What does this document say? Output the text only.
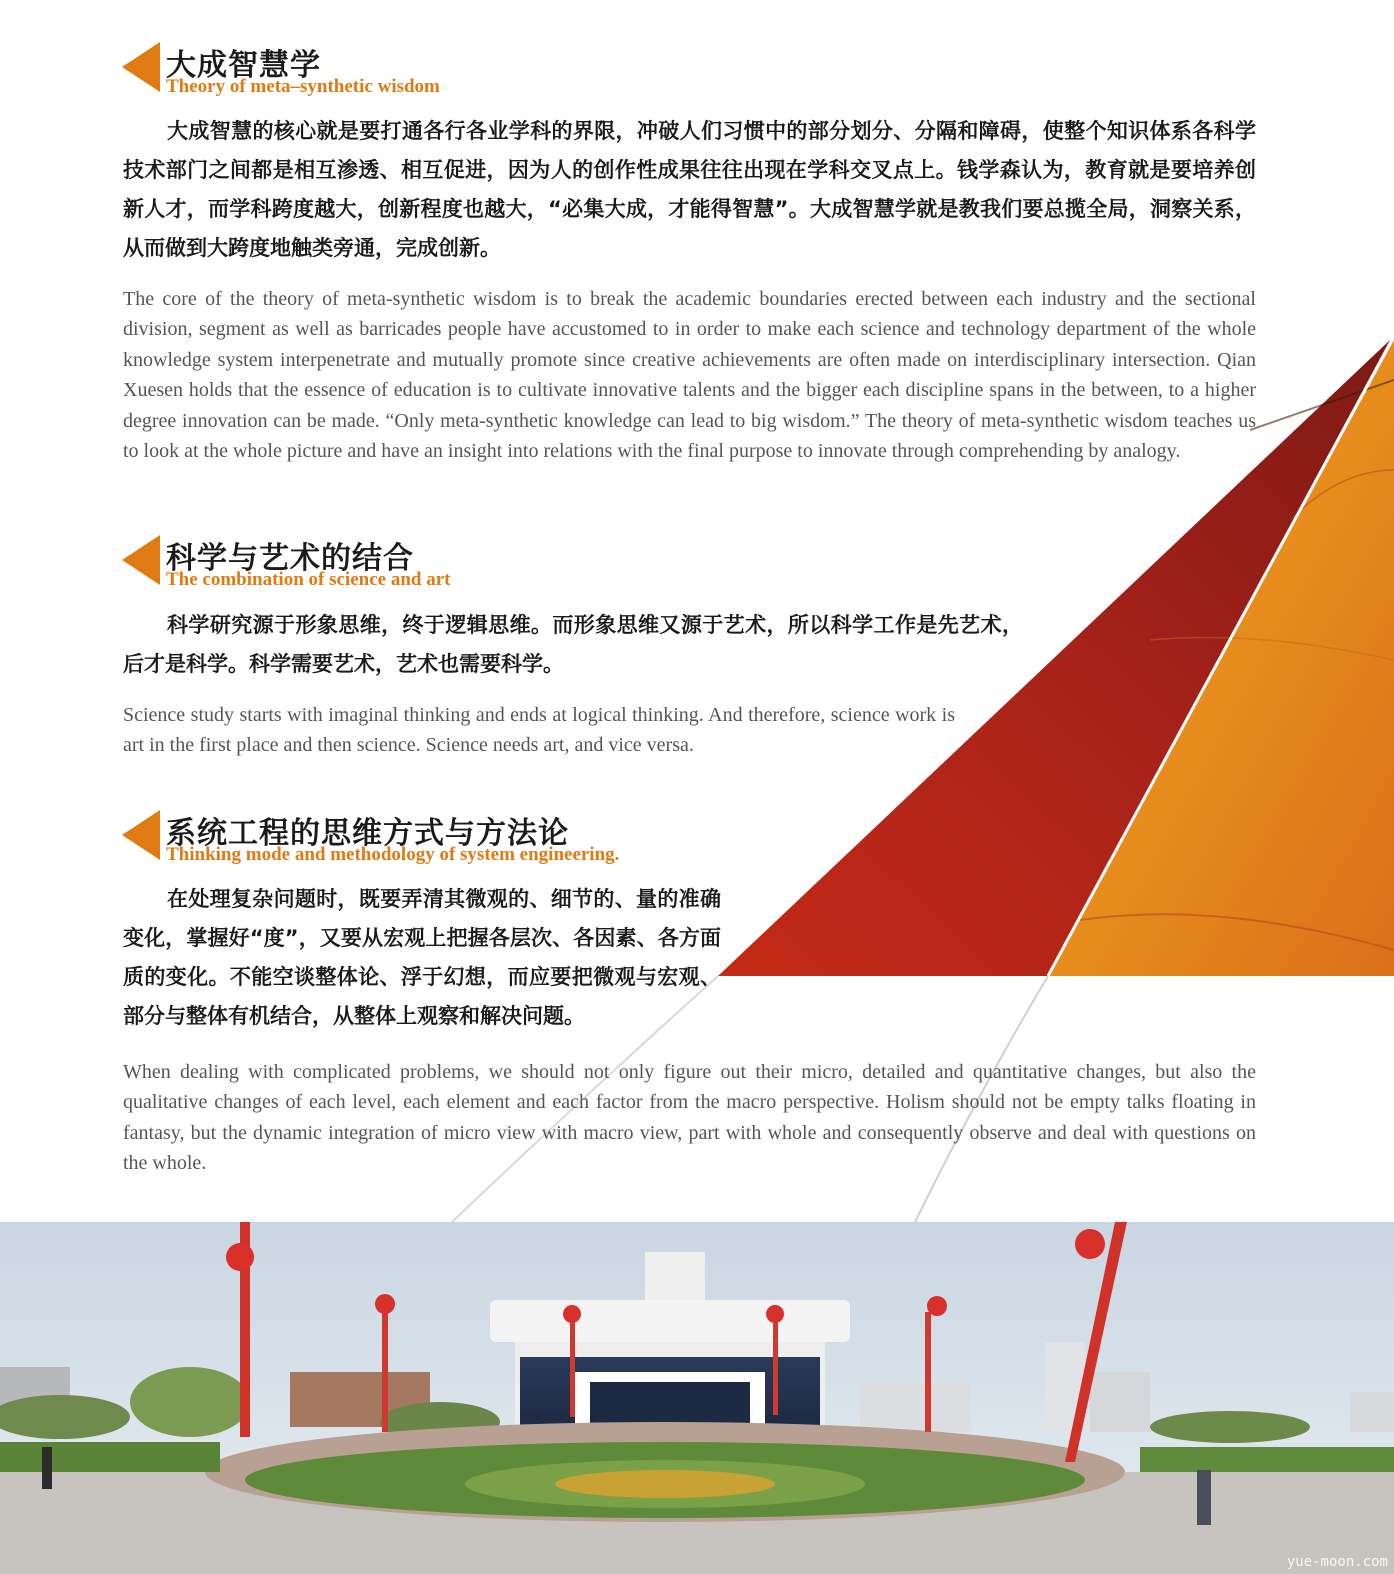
大成智慧学
Theory of meta–synthetic wisdom

大成智慧的核心就是要打通各行各业学科的界限，冲破人们习惯中的部分划分、分隔和障碍，使整个知识体系各科学技术部门之间都是相互渗透、相互促进，因为人的创作性成果往往出现在学科交叉点上。钱学森认为，教育就是要培养创新人才，而学科跨度越大，创新程度也越大，“必集大成，才能得智慧”。大成智慧学就是教我们要总揽全局，洞察关系，从而做到大跨度地触类旁通，完成创新。

The core of the theory of meta-synthetic wisdom is to break the academic boundaries erected between each industry and the sectional division, segment as well as barricades people have accustomed to in order to make each science and technology department of the whole knowledge system interpenetrate and mutually promote since creative achievements are often made on interdisciplinary intersection. Qian Xuesen holds that the essence of education is to cultivate innovative talents and the bigger each discipline spans in the between, to a higher degree innovation can be made. “Only meta-synthetic knowledge can lead to big wisdom.” The theory of meta-synthetic wisdom teaches us to look at the whole picture and have an insight into relations with the final purpose to innovate through comprehending by analogy.

科学与艺术的结合
The combination of science and art

科学研究源于形象思维，终于逻辑思维。而形象思维又源于艺术，所以科学工作是先艺术，后才是科学。科学需要艺术，艺术也需要科学。

Science study starts with imaginal thinking and ends at logical thinking. And therefore, science work is art in the first place and then science. Science needs art, and vice versa.

系统工程的思维方式与方法论
Thinking mode and methodology of system engineering.

在处理复杂问题时，既要弄清其微观的、细节的、量的准确变化，掌握好“度”，又要从宏观上把握各层次、各因素、各方面质的变化。不能空谈整体论、浮于幻想，而应要把微观与宏观、部分与整体有机结合，从整体上观察和解决问题。

When dealing with complicated problems, we should not only figure out their micro, detailed and quantitative changes, but also the qualitative changes of each level, each element and each factor from the macro perspective. Holism should not be empty talks floating in fantasy, but the dynamic integration of micro view with macro view, part with whole and consequently observe and deal with questions on the whole.

yue-moon.com
